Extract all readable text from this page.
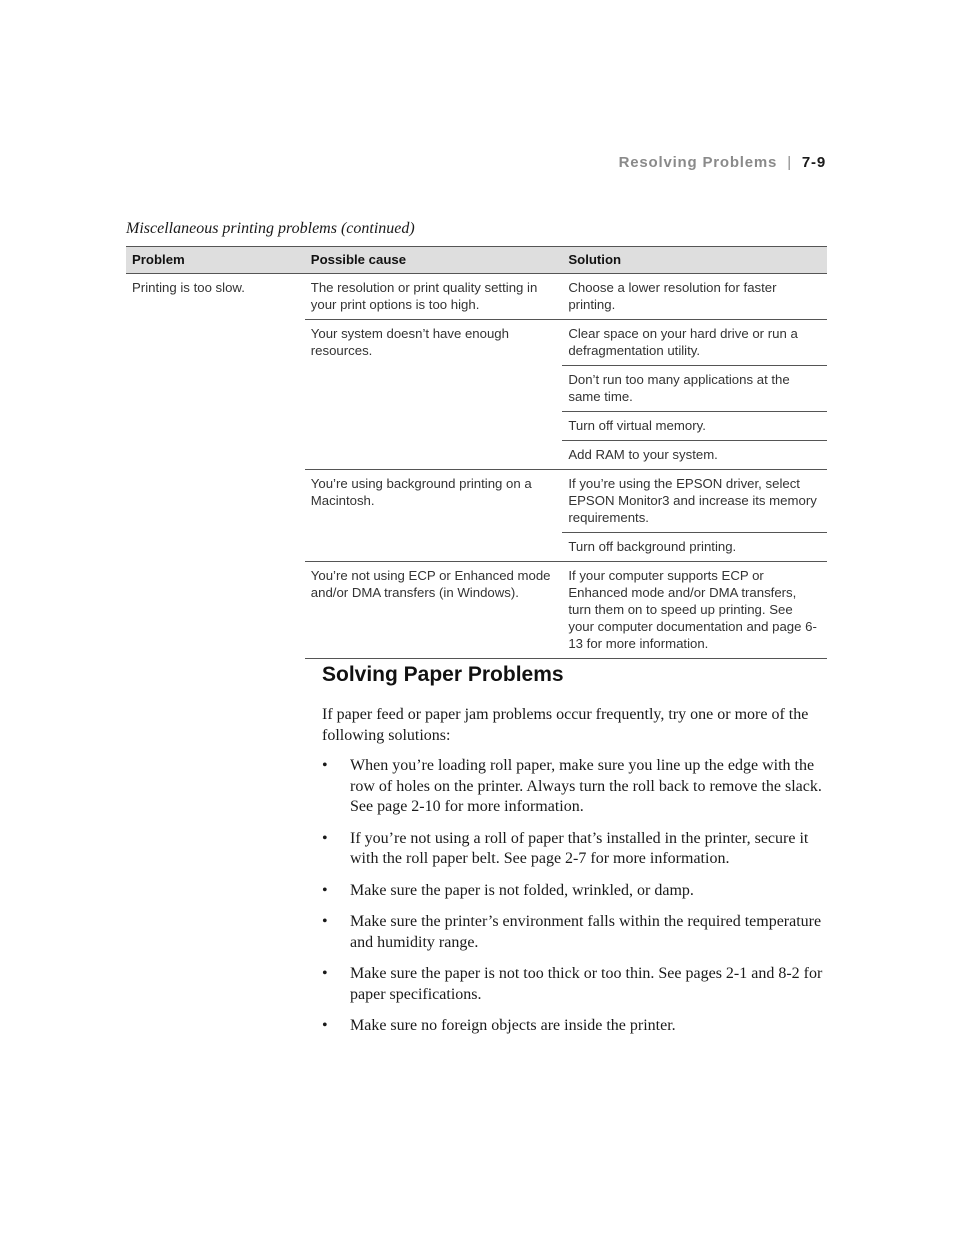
Resolving Problems | 7-9
Miscellaneous printing problems (continued)
Problem	Possible cause	Solution
Printing is too slow.	The resolution or print quality setting in your print options is too high.	Choose a lower resolution for faster printing.
	Your system doesn’t have enough resources.	Clear space on your hard drive or run a defragmentation utility.
		Don’t run too many applications at the same time.
		Turn off virtual memory.
		Add RAM to your system.
	You’re using background printing on a Macintosh.	If you’re using the EPSON driver, select EPSON Monitor3 and increase its memory requirements.
		Turn off background printing.
	You’re not using ECP or Enhanced mode and/or DMA transfers (in Windows).	If your computer supports ECP or Enhanced mode and/or DMA transfers, turn them on to speed up printing. See your computer documentation and page 6-13 for more information.

Solving Paper Problems

If paper feed or paper jam problems occur frequently, try one or more of the following solutions:

• When you’re loading roll paper, make sure you line up the edge with the row of holes on the printer. Always turn the roll back to remove the slack. See page 2-10 for more information.
• If you’re not using a roll of paper that’s installed in the printer, secure it with the roll paper belt. See page 2-7 for more information.
• Make sure the paper is not folded, wrinkled, or damp.
• Make sure the printer’s environment falls within the required temperature and humidity range.
• Make sure the paper is not too thick or too thin. See pages 2-1 and 8-2 for paper specifications.
• Make sure no foreign objects are inside the printer.
